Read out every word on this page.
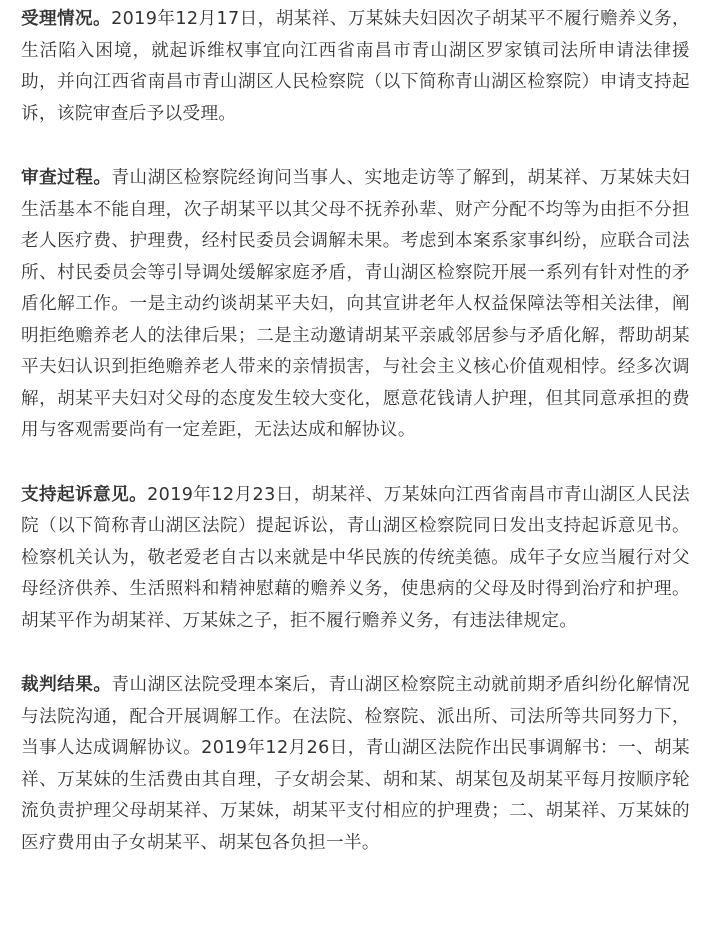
受理情况。2019年12月17日，胡某祥、万某妹夫妇因次子胡某平不履行赡养义务，生活陷入困境，就起诉维权事宜向江西省南昌市青山湖区罗家镇司法所申请法律援助，并向江西省南昌市青山湖区人民检察院（以下简称青山湖区检察院）申请支持起诉，该院审查后予以受理。

审查过程。青山湖区检察院经询问当事人、实地走访等了解到，胡某祥、万某妹夫妇生活基本不能自理，次子胡某平以其父母不抚养孙辈、财产分配不均等为由拒不分担老人医疗费、护理费，经村民委员会调解未果。考虑到本案系家事纠纷，应联合司法所、村民委员会等引导调处缓解家庭矛盾，青山湖区检察院开展一系列有针对性的矛盾化解工作。一是主动约谈胡某平夫妇，向其宣讲老年人权益保障法等相关法律，阐明拒绝赡养老人的法律后果；二是主动邀请胡某平亲戚邻居参与矛盾化解，帮助胡某平夫妇认识到拒绝赡养老人带来的亲情损害，与社会主义核心价值观相悖。经多次调解，胡某平夫妇对父母的态度发生较大变化，愿意花钱请人护理，但其同意承担的费用与客观需要尚有一定差距，无法达成和解协议。

支持起诉意见。2019年12月23日，胡某祥、万某妹向江西省南昌市青山湖区人民法院（以下简称青山湖区法院）提起诉讼，青山湖区检察院同日发出支持起诉意见书。检察机关认为，敬老爱老自古以来就是中华民族的传统美德。成年子女应当履行对父母经济供养、生活照料和精神慰藉的赡养义务，使患病的父母及时得到治疗和护理。胡某平作为胡某祥、万某妹之子，拒不履行赡养义务，有违法律规定。

裁判结果。青山湖区法院受理本案后，青山湖区检察院主动就前期矛盾纠纷化解情况与法院沟通，配合开展调解工作。在法院、检察院、派出所、司法所等共同努力下，当事人达成调解协议。2019年12月26日，青山湖区法院作出民事调解书：一、胡某祥、万某妹的生活费由其自理，子女胡会某、胡和某、胡某包及胡某平每月按顺序轮流负责护理父母胡某祥、万某妹，胡某平支付相应的护理费；二、胡某祥、万某妹的医疗费用由子女胡某平、胡某包各负担一半。
